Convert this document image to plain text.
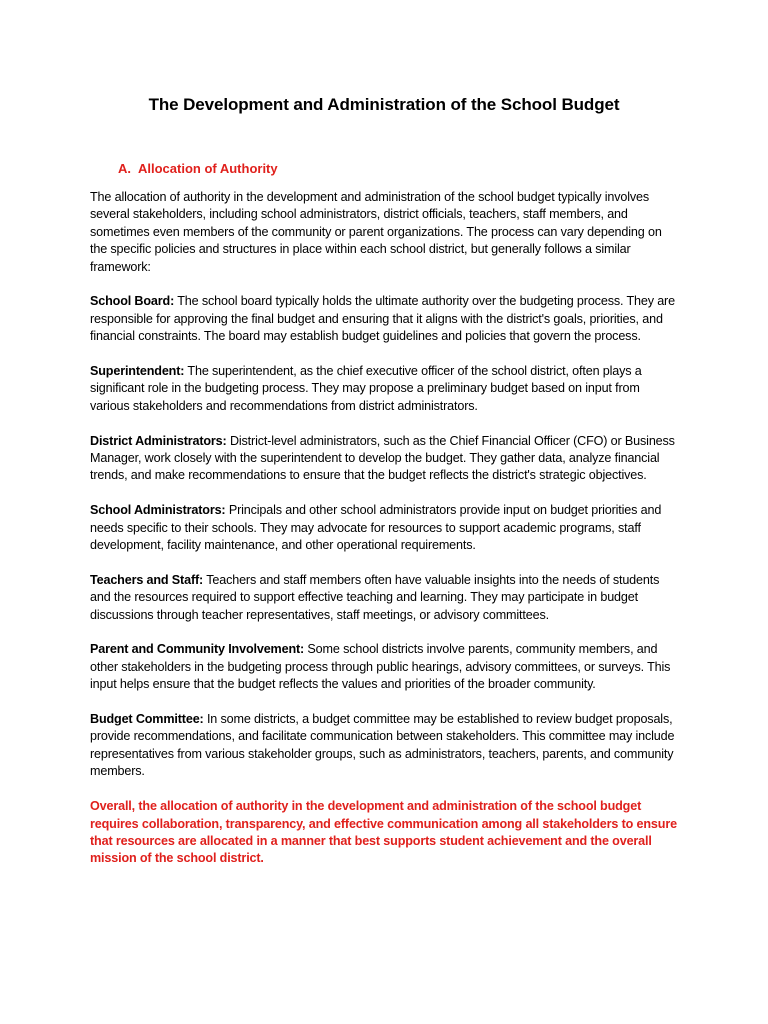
The Development and Administration of the School Budget
A. Allocation of Authority

The allocation of authority in the development and administration of the school budget typically involves several stakeholders, including school administrators, district officials, teachers, staff members, and sometimes even members of the community or parent organizations. The process can vary depending on the specific policies and structures in place within each school district, but generally follows a similar framework:

School Board: The school board typically holds the ultimate authority over the budgeting process. They are responsible for approving the final budget and ensuring that it aligns with the district's goals, priorities, and financial constraints. The board may establish budget guidelines and policies that govern the process.

Superintendent: The superintendent, as the chief executive officer of the school district, often plays a significant role in the budgeting process. They may propose a preliminary budget based on input from various stakeholders and recommendations from district administrators.

District Administrators: District-level administrators, such as the Chief Financial Officer (CFO) or Business Manager, work closely with the superintendent to develop the budget. They gather data, analyze financial trends, and make recommendations to ensure that the budget reflects the district's strategic objectives.

School Administrators: Principals and other school administrators provide input on budget priorities and needs specific to their schools. They may advocate for resources to support academic programs, staff development, facility maintenance, and other operational requirements.

Teachers and Staff: Teachers and staff members often have valuable insights into the needs of students and the resources required to support effective teaching and learning. They may participate in budget discussions through teacher representatives, staff meetings, or advisory committees.

Parent and Community Involvement: Some school districts involve parents, community members, and other stakeholders in the budgeting process through public hearings, advisory committees, or surveys. This input helps ensure that the budget reflects the values and priorities of the broader community.

Budget Committee: In some districts, a budget committee may be established to review budget proposals, provide recommendations, and facilitate communication between stakeholders. This committee may include representatives from various stakeholder groups, such as administrators, teachers, parents, and community members.

Overall, the allocation of authority in the development and administration of the school budget requires collaboration, transparency, and effective communication among all stakeholders to ensure that resources are allocated in a manner that best supports student achievement and the overall mission of the school district.
